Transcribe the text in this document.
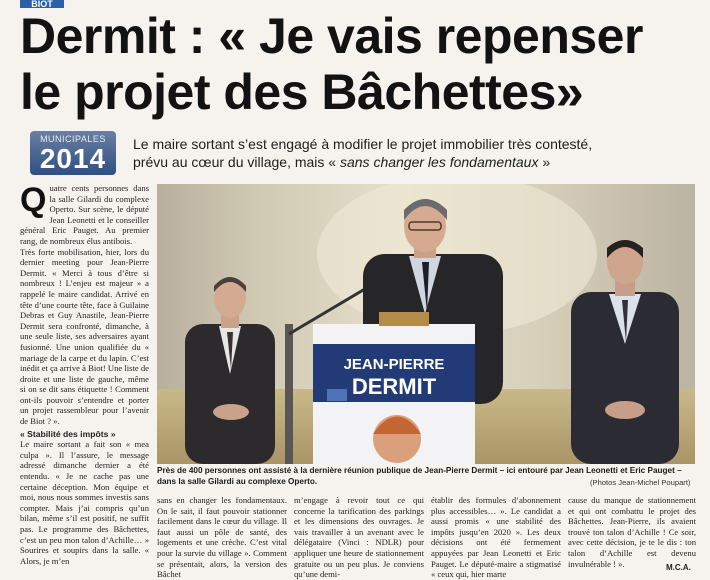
BIOT
Dermit : « Je vais repenser
le projet des Bâchettes»
MUNICIPALES
2014	Le maire sortant s’est engagé à modifier le projet immobilier très contesté,
prévu au cœur du village, mais « sans changer les fondamentaux »

Quatre cents personnes dans la salle Gilardi du complexe Operto. Sur scène, le député Jean Leonetti et le conseiller général Eric Pauget. Au premier rang, de nombreux élus antibois.

Très forte mobilisation, hier, lors du dernier meeting pour Jean-Pierre Dermit. « Merci à tous d’être si nombreux ! L’enjeu est majeur » a rappelé le maire candidat. Arrivé en tête d’une courte tête, face à Guilaine Debras et Guy Anastile, Jean-Pierre Dermit sera confronté, dimanche, à une seule liste, ses adversaires ayant fusionné. Une union qualifiée du « mariage de la carpe et du lapin. C’est inédit et ça arrive à Biot! Une liste de droite et une liste de gauche, même si on se dit sans étiquette ! Comment ont-ils pouvoir s’entendre et porter un projet rassembleur pour l’avenir de Biot ? ».

« Stabilité des impôts »

Le maire sortant a fait son « mea culpa ». Il l’assure, le message adressé dimanche dernier a été entendu. « Je ne cache pas une certaine déception. Mon équipe et moi, nous nous sommes investis sans compter. Mais j’ai compris qu’un bilan, même s’il est positif, ne suffit pas. Le programme des Bâchettes, c’est un peu mon talon d’Achille… » Sourires et soupirs dans la salle. « Alors, je m’en

JEAN-PIERRE
DERMIT
Près de 400 personnes ont assisté à la dernière réunion publique de Jean-Pierre Dermit – ici entouré par Jean Leonetti et Eric Pauget – dans la salle Gilardi au complexe Operto.	(Photos Jean-Michel Poupart)

sans en changer les fondamentaux. On le sait, il faut pouvoir stationner facilement dans le cœur du village. Il faut aussi un pôle de santé, des logements et une crèche. C’est vital pour la survie du village ». Comment se présentait, alors, la version des Bâchet

m’engage à revoir tout ce qui concerne la tarification des parkings et les dimensions des ouvrages. Je vais travailler à un avenant avec le délégataire (Vinci : NDLR) pour appliquer une heure de stationnement gratuite ou un peu plus. Je conviens qu’une demi-

établir des formules d’abonnement plus accessibles… ». Le candidat a aussi promis « une stabilité des impôts jusqu’en 2020 ». Les deux décisions ont été fermement appuyées par Jean Leonetti et Eric Pauget. Le député-maire a stigmatisé « ceux qui, hier marte

cause du manque de stationnement et qui ont combattu le projet des Bâchettes. Jean-Pierre, ils avaient trouvé ton talon d’Achille ! Ce soir, avec cette décision, je te le dis : ton talon d’Achille est devenu invulnérable ! ».	M.C.A.
